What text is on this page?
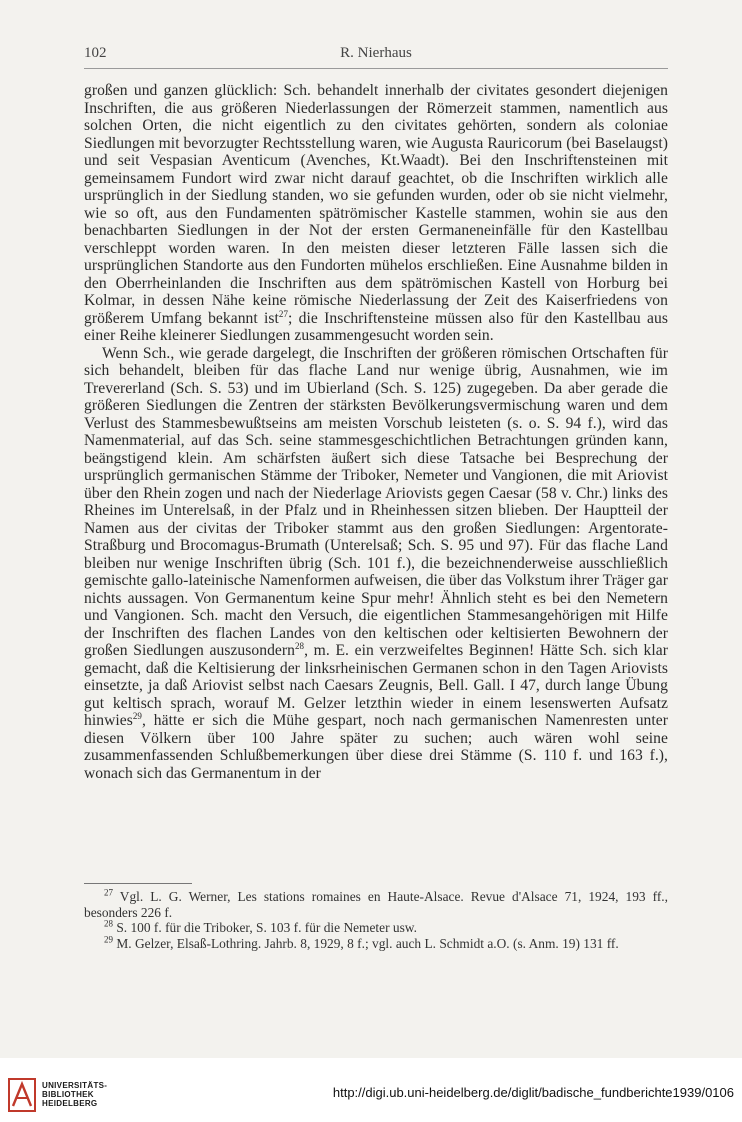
102	R. Nierhaus

großen und ganzen glücklich: Sch. behandelt innerhalb der civitates gesondert diejenigen Inschriften, die aus größeren Niederlassungen der Römerzeit stammen, namentlich aus solchen Orten, die nicht eigentlich zu den civitates gehörten, sondern als coloniae Siedlungen mit bevorzugter Rechtsstellung waren, wie Augusta Rauricorum (bei Baselaugst) und seit Vespasian Aventicum (Avenches, Kt.Waadt). Bei den Inschriftensteinen mit gemeinsamem Fundort wird zwar nicht darauf geachtet, ob die Inschriften wirklich alle ursprünglich in der Siedlung standen, wo sie gefunden wurden, oder ob sie nicht vielmehr, wie so oft, aus den Fundamenten spätrömischer Kastelle stammen, wohin sie aus den benachbarten Siedlungen in der Not der ersten Germaneneinfälle für den Kastellbau verschleppt worden waren. In den meisten dieser letzteren Fälle lassen sich die ursprünglichen Standorte aus den Fundorten mühelos erschließen. Eine Ausnahme bilden in den Oberrheinlanden die Inschriften aus dem spätrömischen Kastell von Horburg bei Kolmar, in dessen Nähe keine römische Niederlassung der Zeit des Kaiserfriedens von größerem Umfang bekannt ist$^{27}$; die Inschriftensteine müssen also für den Kastellbau aus einer Reihe kleinerer Siedlungen zusammengesucht worden sein.

Wenn Sch., wie gerade dargelegt, die Inschriften der größeren römischen Ortschaften für sich behandelt, bleiben für das flache Land nur wenige übrig, Ausnahmen, wie im Trevererland (Sch. S. 53) und im Ubierland (Sch. S. 125) zugegeben. Da aber gerade die größeren Siedlungen die Zentren der stärksten Bevölkerungsvermischung waren und dem Verlust des Stammesbewußtseins am meisten Vorschub leisteten (s. o. S. 94 f.), wird das Namenmaterial, auf das Sch. seine stammesgeschichtlichen Betrachtungen gründen kann, beängstigend klein. Am schärfsten äußert sich diese Tatsache bei Besprechung der ursprünglich germanischen Stämme der Triboker, Nemeter und Vangionen, die mit Ariovist über den Rhein zogen und nach der Niederlage Ariovists gegen Caesar (58 v. Chr.) links des Rheines im Unterelsaß, in der Pfalz und in Rheinhessen sitzen blieben. Der Hauptteil der Namen aus der civitas der Triboker stammt aus den großen Siedlungen: Argentorate-Straßburg und Brocomagus-Brumath (Unterelsaß; Sch. S. 95 und 97). Für das flache Land bleiben nur wenige Inschriften übrig (Sch. 101 f.), die bezeichnenderweise ausschließlich gemischte gallo-lateinische Namenformen aufweisen, die über das Volkstum ihrer Träger gar nichts aussagen. Von Germanentum keine Spur mehr! Ähnlich steht es bei den Nemetern und Vangionen. Sch. macht den Versuch, die eigentlichen Stammesangehörigen mit Hilfe der Inschriften des flachen Landes von den keltischen oder keltisierten Bewohnern der großen Siedlungen auszusondern$^{28}$, m. E. ein verzweifeltes Beginnen! Hätte Sch. sich klar gemacht, daß die Keltisierung der linksrheinischen Germanen schon in den Tagen Ariovists einsetzte, ja daß Ariovist selbst nach Caesars Zeugnis, Bell. Gall. I 47, durch lange Übung gut keltisch sprach, worauf M. Gelzer letzthin wieder in einem lesenswerten Aufsatz hinwies$^{29}$, hätte er sich die Mühe gespart, noch nach germanischen Namenresten unter diesen Völkern über 100 Jahre später zu suchen; auch wären wohl seine zusammenfassenden Schlußbemerkungen über diese drei Stämme (S. 110 f. und 163 f.), wonach sich das Germanentum in der

$^{27}$ Vgl. L. G. Werner, Les stations romaines en Haute-Alsace. Revue d'Alsace 71, 1924, 193 ff., besonders 226 f.

$^{28}$ S. 100 f. für die Triboker, S. 103 f. für die Nemeter usw.

$^{29}$ M. Gelzer, Elsaß-Lothring. Jahrb. 8, 1929, 8 f.; vgl. auch L. Schmidt a.O. (s. Anm. 19) 131 ff.

UNIVERSITÄTS-
BIBLIOTHEK
HEIDELBERG
http://digi.ub.uni-heidelberg.de/diglit/badische_fundberichte1939/0106
